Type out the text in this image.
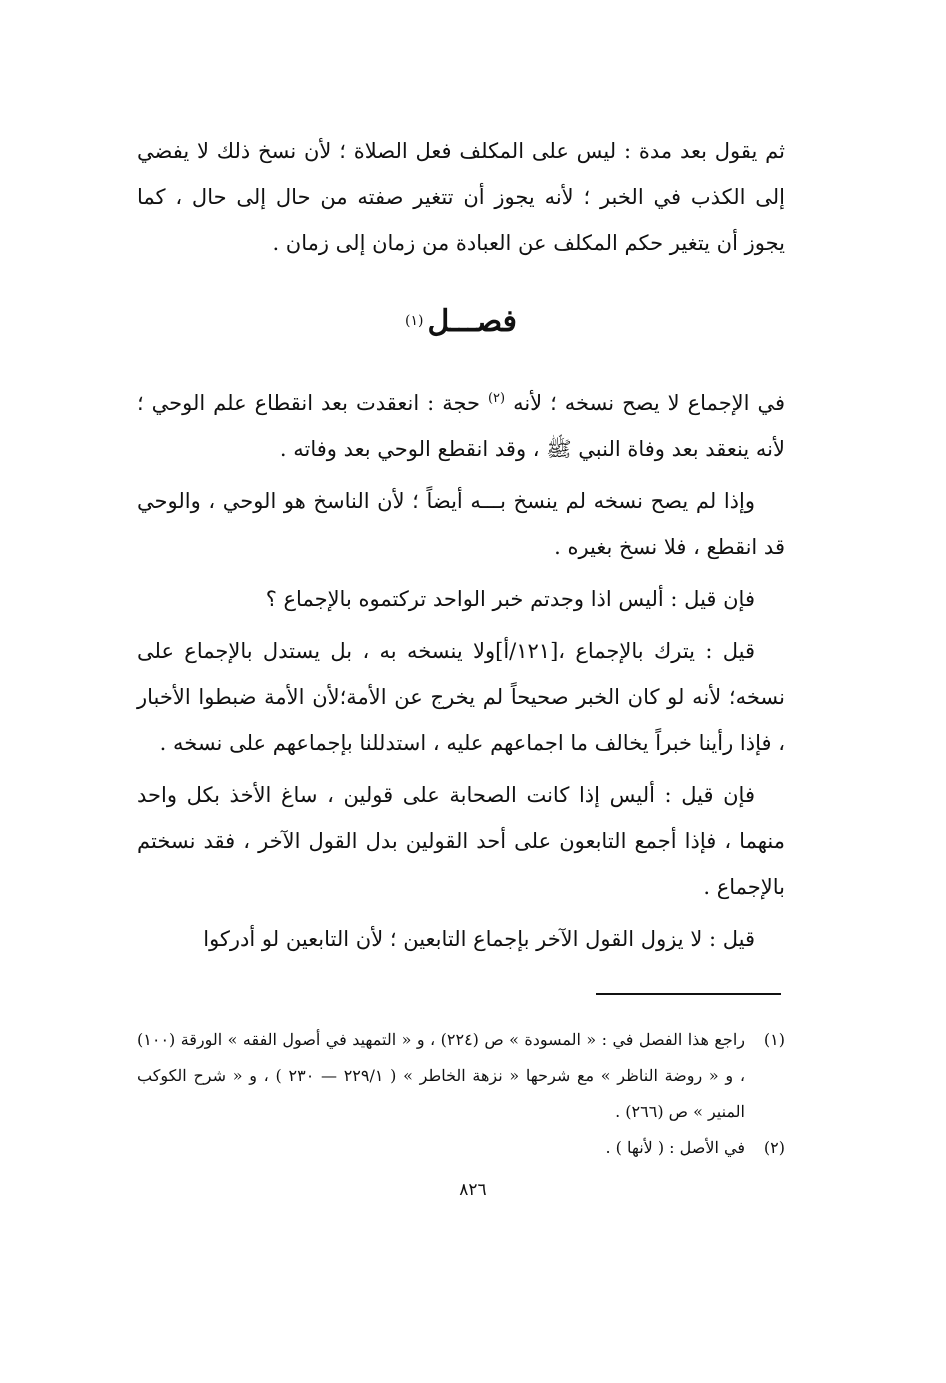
ثم يقول بعد مدة : ليس على المكلف فعل الصلاة ؛ لأن نسخ ذلك لا يفضي إلى الكذب في الخبر ؛ لأنه يجوز أن تتغير صفته من حال إلى حال ، كما يجوز أن يتغير حكم المكلف عن العبادة من زمان إلى زمان .

فصـــل
(١)

في الإجماع لا يصح نسخه ؛ لأنه $^{(٢)}$ حجة : انعقدت بعد انقطاع علم الوحي ؛ لأنه ينعقد بعد وفاة النبي ﷺ ، وقد انقطع الوحي بعد وفاته .

وإذا لم يصح نسخه لم ينسخ بـــه أيضاً ؛ لأن الناسخ هو الوحي ، والوحي قد انقطع ، فلا نسخ بغيره .

فإن قيل : أليس اذا وجدتم خبر الواحد تركتموه بالإجماع ؟

قيل : يترك بالإجماع ،[١٢١/أ]ولا ينسخه به ، بل يستدل بالإجماع على نسخه؛ لأنه لو كان الخبر صحيحاً لم يخرج عن الأمة؛لأن الأمة ضبطوا الأخبار ، فإذا رأينا خبراً يخالف ما اجماعهم عليه ، استدللنا بإجماعهم على نسخه .

فإن قيل : أليس إذا كانت الصحابة على قولين ، ساغ الأخذ بكل واحد منهما ، فإذا أجمع التابعون على أحد القولين بدل القول الآخر ، فقد نسختم بالإجماع .

قيل : لا يزول القول الآخر بإجماع التابعين ؛ لأن التابعين لو أدركوا

(١)
راجع هذا الفصل في : « المسودة » ص (٢٢٤) ، و « التمهيد في أصول الفقه » الورقة (١٠٠) ، و « روضة الناظر » مع شرحها « نزهة الخاطر » ( ٢٢٩/١ — ٢٣٠ ) ، و « شرح الكوكب المنير » ص (٢٦٦) .

(٢)
في الأصل : ( لأنها ) .

٨٢٦
